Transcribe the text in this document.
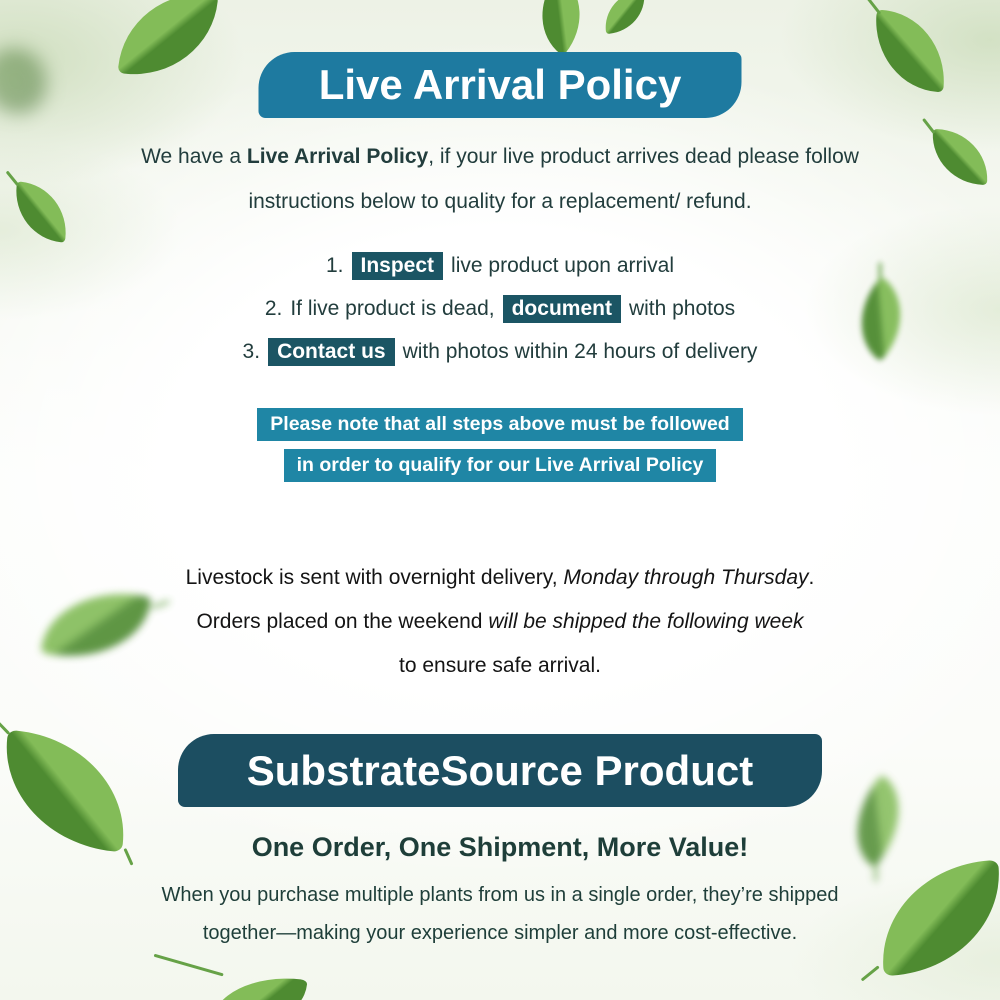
Live Arrival Policy
We have a Live Arrival Policy, if your live product arrives dead please follow
instructions below to quality for a replacement/ refund.
1. Inspect live product upon arrival
2. If live product is dead, document with photos
3. Contact us with photos within 24 hours of delivery
Please note that all steps above must be followed
in order to qualify for our Live Arrival Policy
Livestock is sent with overnight delivery, Monday through Thursday.
Orders placed on the weekend will be shipped the following week
to ensure safe arrival.
SubstrateSource Product
One Order, One Shipment, More Value!
When you purchase multiple plants from us in a single order, they’re shipped
together—making your experience simpler and more cost-effective.
